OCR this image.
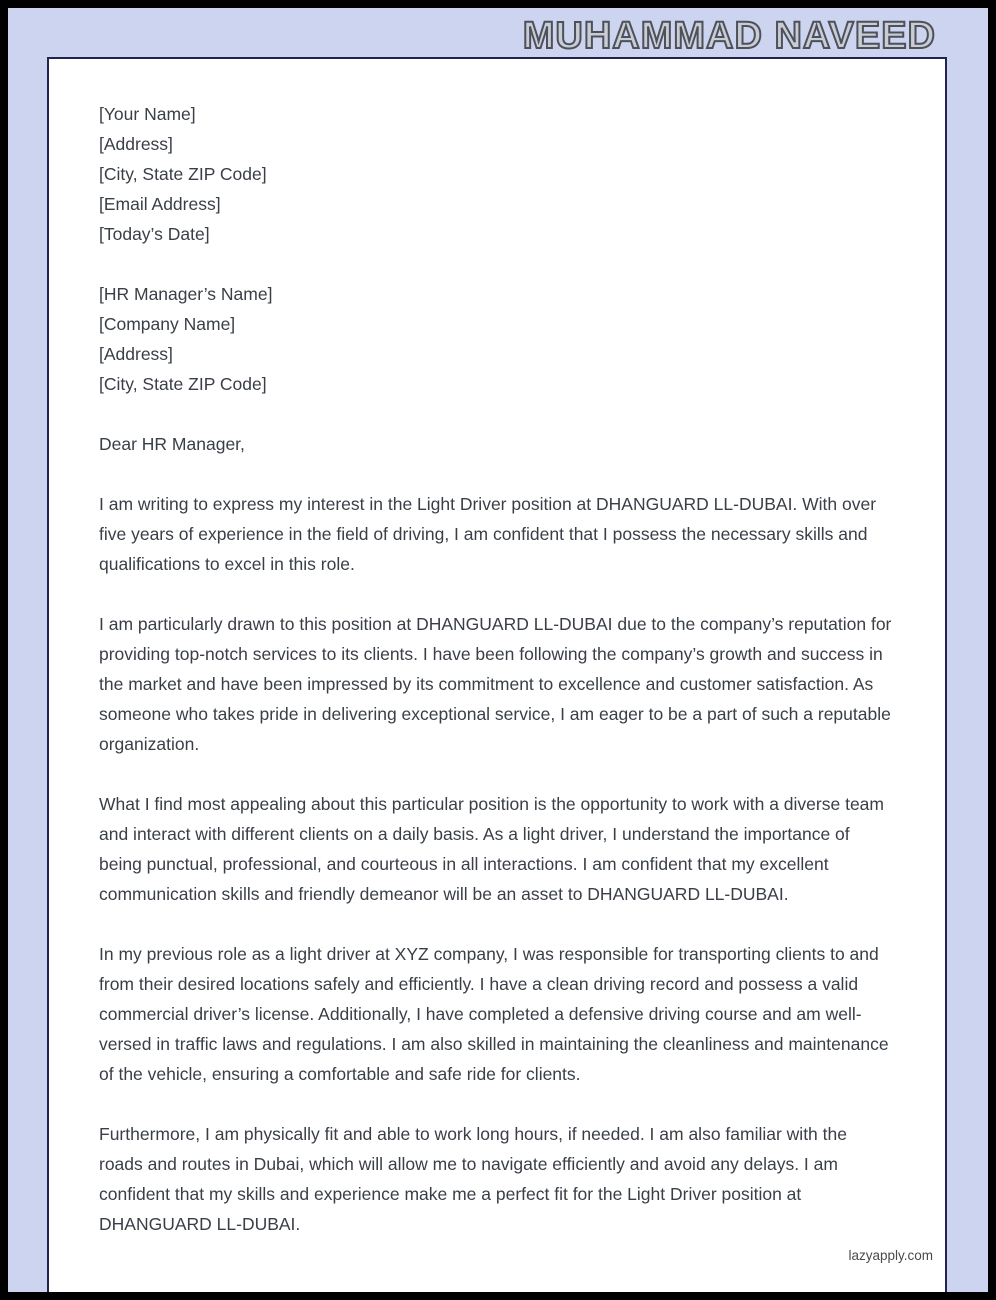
MUHAMMAD NAVEED

[Your Name]

[Address]

[City, State ZIP Code]

[Email Address]

[Today’s Date]

[HR Manager’s Name]

[Company Name]

[Address]

[City, State ZIP Code]

Dear HR Manager,

I am writing to express my interest in the Light Driver position at DHANGUARD LL-DUBAI. With over five years of experience in the field of driving, I am confident that I possess the necessary skills and qualifications to excel in this role.

I am particularly drawn to this position at DHANGUARD LL-DUBAI due to the company’s reputation for providing top-notch services to its clients. I have been following the company’s growth and success in the market and have been impressed by its commitment to excellence and customer satisfaction. As someone who takes pride in delivering exceptional service, I am eager to be a part of such a reputable organization.

What I find most appealing about this particular position is the opportunity to work with a diverse team and interact with different clients on a daily basis. As a light driver, I understand the importance of being punctual, professional, and courteous in all interactions. I am confident that my excellent communication skills and friendly demeanor will be an asset to DHANGUARD LL-DUBAI.

In my previous role as a light driver at XYZ company, I was responsible for transporting clients to and from their desired locations safely and efficiently. I have a clean driving record and possess a valid commercial driver’s license. Additionally, I have completed a defensive driving course and am well-versed in traffic laws and regulations. I am also skilled in maintaining the cleanliness and maintenance of the vehicle, ensuring a comfortable and safe ride for clients.

Furthermore, I am physically fit and able to work long hours, if needed. I am also familiar with the roads and routes in Dubai, which will allow me to navigate efficiently and avoid any delays. I am confident that my skills and experience make me a perfect fit for the Light Driver position at DHANGUARD LL-DUBAI.

lazyapply.com
